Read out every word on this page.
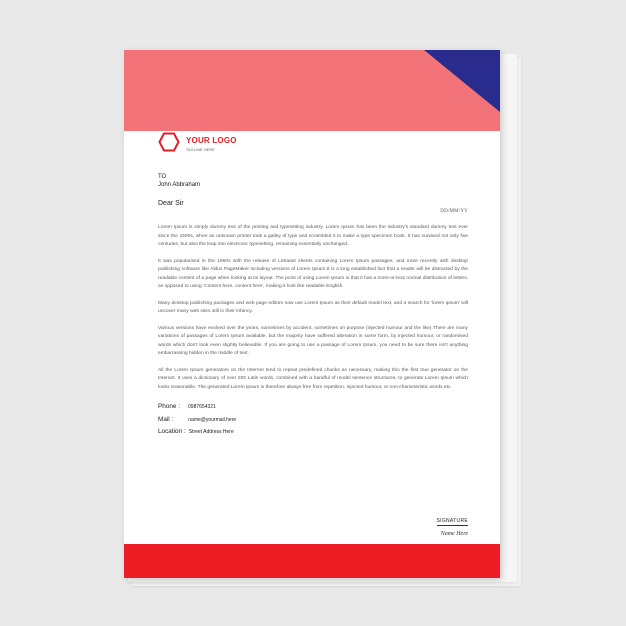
YOUR LOGO
TAGLINE HERE
TO
John Abbraham
Dear Sir
DD/MM/YY

Lorem Ipsum is simply dummy text of the printing and typesetting industry. Lorem Ipsum has been the industry's standard dummy text ever since the 1500s, when an unknown printer took a galley of type and scrambled it to make a type specimen book. It has survived not only five centuries, but also the leap into electronic typesetting, remaining essentially unchanged.

It was popularised in the 1960s with the release of Letraset sheets containing Lorem Ipsum passages, and more recently with desktop publishing software like Aldus PageMaker including versions of Lorem Ipsum.It is a long established fact that a reader will be distracted by the readable content of a page when looking at its layout. The point of using Lorem Ipsum is that it has a more-or-less normal distribution of letters, as opposed to using 'Content here, content here', making it look like readable English.

Many desktop publishing packages and web page editors now use Lorem Ipsum as their default model text, and a search for 'lorem ipsum' will uncover many web sites still in their infancy.

Various versions have evolved over the years, sometimes by accident, sometimes on purpose (injected humour and the like).There are many variations of passages of Lorem Ipsum available, but the majority have suffered alteration in some form, by injected humour, or randomised words which don't look even slightly believable. If you are going to use a passage of Lorem Ipsum, you need to be sure there isn't anything embarrassing hidden in the middle of text.

All the Lorem Ipsum generators on the Internet tend to repeat predefined chunks as necessary, making this the first true generator on the Internet. It uses a dictionary of over 200 Latin words, combined with a handful of model sentence structures, to generate Lorem Ipsum which looks reasonable. The generated Lorem Ipsum is therefore always free from repetition, injected humour, or non-characteristic words etc.

Phone : 0987654321
Mail :	name@yourmail.here
Location : Street Address Here
SIGNATURE
Name Here
